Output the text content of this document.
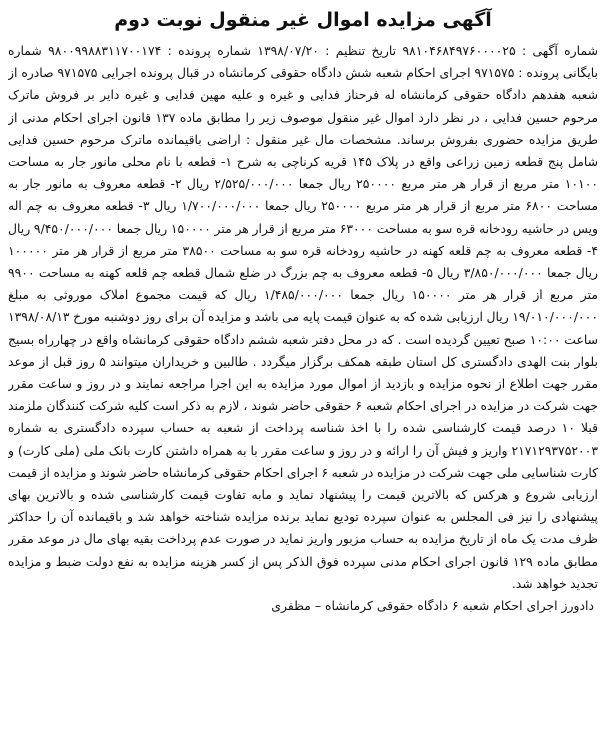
آگهی مزایده اموال غیر منقول نوبت دوم

شماره آگهی : ۹۸۱۰۴۶۸۴۹۷۶۰۰۰۰۲۵ تاریخ تنظیم : ۱۳۹۸/۰۷/۲۰ شماره پرونده : ۹۸۰۰۹۹۸۸۳۱۱۷۰۰۱۷۴ شماره بایگانی پرونده : ۹۷۱۵۷۵ اجرای احکام شعبه شش دادگاه حقوقی کرمانشاه در قبال پرونده اجرایی ۹۷۱۵۷۵ صادره از شعبه هفدهم دادگاه حقوقی کرمانشاه له فرحناز فدایی و غیره و علیه مهین فدایی و غیره دایر بر فروش ماترک مرحوم حسین فدایی ، در نظر دارد اموال غیر منقول موصوف زیر را مطابق ماده ۱۳۷ قانون اجرای احکام مدنی از طریق مزایده حضوری بفروش برساند. مشخصات مال غیر منقول : اراضی باقیمانده ماترک مرحوم حسین فدایی شامل پنج قطعه زمین زراعی واقع در پلاک ۱۴۵ قریه کرناچی به شرح ۱- قطعه با نام محلی مانور جار به مساحت ۱۰۱۰۰ متر مربع از قرار هر متر مربع ۲۵۰۰۰۰ ریال جمعا ۲/۵۲۵/۰۰۰/۰۰۰ ریال ۲- قطعه معروف به مانور جار به مساحت ۶۸۰۰ متر مربع از قرار هر متر مربع ۲۵۰۰۰۰ ریال جمعا ۱/۷۰۰/۰۰۰/۰۰۰ ریال ۳- قطعه معروف به چم اله ویس در حاشیه رودخانه قره سو به مساحت ۶۳۰۰۰ متر مربع از قرار هر متر ۱۵۰۰۰۰ ریال جمعا ۹/۴۵۰/۰۰۰/۰۰۰ ریال ۴- قطعه معروف به چم قلعه کهنه در حاشیه رودخانه قره سو به مساحت ۳۸۵۰۰ متر مربع از قرار هر متر ۱۰۰۰۰۰ ریال جمعا ۳/۸۵۰/۰۰۰/۰۰۰ ریال ۵- قطعه معروف به چم بزرگ در ضلع شمال قطعه چم قلعه کهنه به مساحت ۹۹۰۰ متر مربع از قرار هر متر ۱۵۰۰۰۰ ریال جمعا ۱/۴۸۵/۰۰۰/۰۰۰ ریال که قیمت مجموع املاک موروثی به مبلغ ۱۹/۰۱۰/۰۰۰/۰۰۰ ریال ارزیابی شده که به عنوان قیمت پایه می باشد و مزایده آن برای روز دوشنبه مورخ ۱۳۹۸/۰۸/۱۳ ساعت ۱۰:۰۰ صبح تعیین گردیده است . که در محل دفتر شعبه ششم دادگاه حقوقی کرمانشاه واقع در چهارراه بسیج بلوار بنت الهدی دادگستری کل استان طبقه همکف برگزار میگردد . طالبین و خریداران میتوانند ۵ روز قبل از موعد مقرر جهت اطلاع از نحوه مزایده و بازدید از اموال مورد مزایده به این اجرا مراجعه نمایند و در روز و ساعت مقرر جهت شرکت در مزایده در اجرای احکام شعبه ۶ حقوقی حاضر شوند ، لازم به ذکر است کلیه شرکت کنندگان ملزمند قبلا ۱۰ درصد قیمت کارشناسی شده را با اخذ شناسه پرداخت از شعبه به حساب سپرده دادگستری به شماره ۲۱۷۱۲۹۳۷۵۲۰۰۳ واریز و فیش آن را ارائه و در روز و ساعت مقرر با به همراه داشتن کارت بانک ملی (ملی کارت) و کارت شناسایی ملی جهت شرکت در مزایده در شعبه ۶ اجرای احکام حقوقی کرمانشاه حاضر شوند و مزایده از قیمت ارزیابی شروع و هرکس که بالاترین قیمت را پیشنهاد نماید و مابه تفاوت قیمت کارشناسی شده و بالاترین بهای پیشنهادی را نیز فی المجلس به عنوان سپرده تودیع نماید برنده مزایده شناخته خواهد شد و باقیمانده آن را حداکثر ظرف مدت یک ماه از تاریخ مزایده به حساب مزبور واریز نماید در صورت عدم پرداخت بقیه بهای مال در موعد مقرر مطابق ماده ۱۲۹ قانون اجرای احکام مدنی سپرده فوق الذکر پس از کسر هزینه مزایده به نفع دولت ضبط و مزایده تجدید خواهد شد.

دادورز اجرای احکام شعبه ۶ دادگاه حقوقی کرمانشاه – مظفری
